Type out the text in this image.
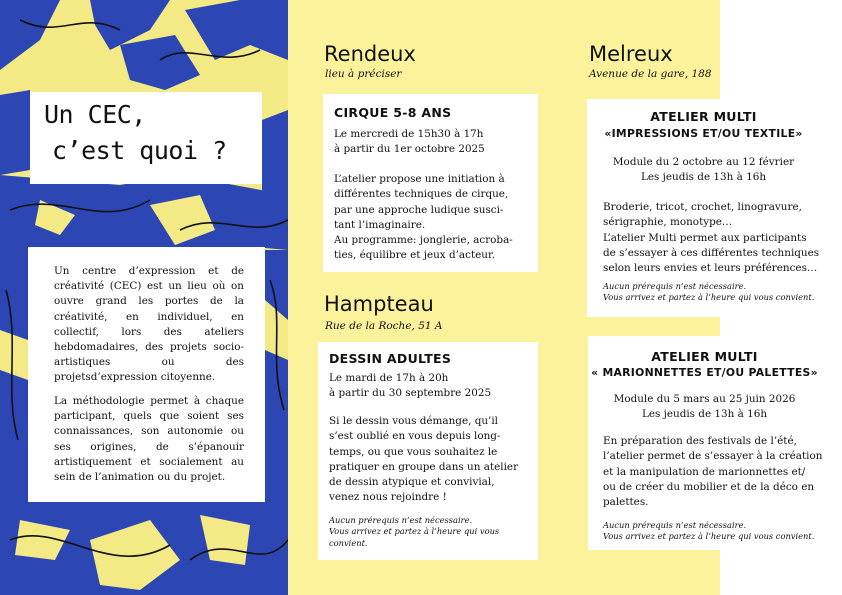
Un CEC,
c’est quoi ?

Un centre d’expression et de créativité (CEC) est un lieu où on ouvre grand les portes de la créativité, en individuel, en collectif, lors des ateliers hebdomadaires, des projets socio-artistiques ou des projetsd’expression citoyenne.

La méthodologie permet à chaque participant, quels que soient ses connaissances, son autonomie ou ses origines, de s’épanouir artistiquement et socialement au sein de l’animation ou du projet.

Rendeux
lieu à préciser
CIRQUE 5-8 ANS

Le mercredi de 15h30 à 17h
à partir du 1er octobre 2025

L’atelier propose une initiation à
différentes techniques de cirque,
par une approche ludique susci-
tant l’imaginaire.
Au programme: jonglerie, acroba-
ties, équilibre et jeux d’acteur.

Hampteau
Rue de la Roche, 51 A
DESSIN ADULTES

Le mardi de 17h à 20h
à partir du 30 septembre 2025

Si le dessin vous démange, qu’il
s’est oublié en vous depuis long-
temps, ou que vous souhaitez le
pratiquer en groupe dans un atelier
de dessin atypique et convivial,
venez nous rejoindre !

Aucun prérequis n’est nécessaire.
Vous arrivez et partez à l’heure qui vous
convient.

Melreux
Avenue de la gare, 188
ATELIER MULTI
«IMPRESSIONS ET/OU TEXTILE»

Module du 2 octobre au 12 février
Les jeudis de 13h à 16h

Broderie, tricot, crochet, linogravure,
sérigraphie, monotype…
L’atelier Multi permet aux participants
de s’essayer à ces différentes techniques
selon leurs envies et leurs préférences…

Aucun prérequis n’est nécessaire.
Vous arrivez et partez à l’heure qui vous convient.

ATELIER MULTI
« MARIONNETTES ET/OU PALETTES»

Module du 5 mars au 25 juin 2026
Les jeudis de 13h à 16h

En préparation des festivals de l’été,
l’atelier permet de s’essayer à la création
et la manipulation de marionnettes et/
ou de créer du mobilier et de la déco en
palettes.

Aucun prérequis n’est nécessaire.
Vous arrivez et partez à l’heure qui vous convient.
